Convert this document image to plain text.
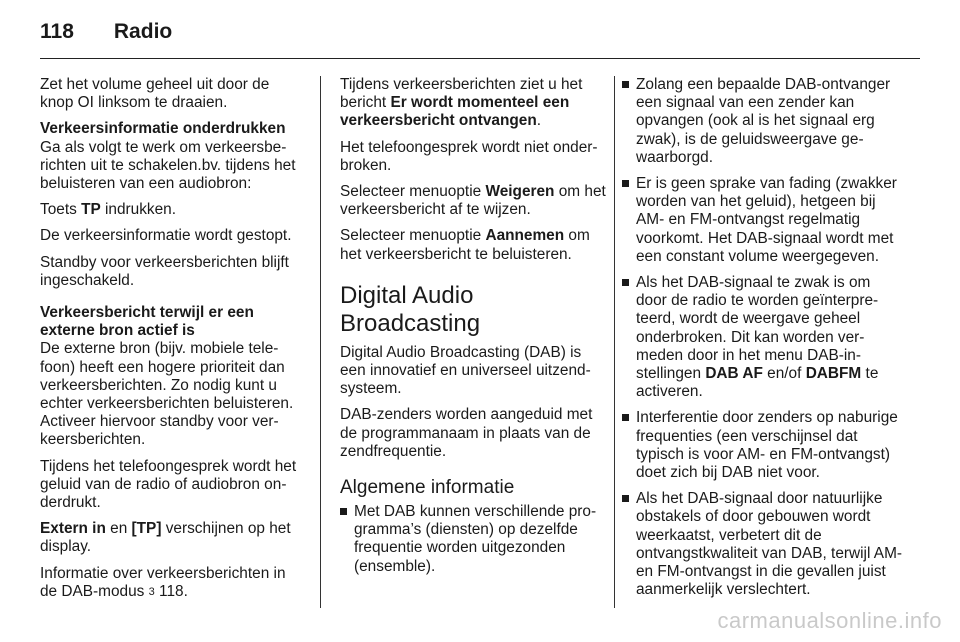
118 Radio

Zet het volume geheel uit door de knop OI linksom te draaien.

Verkeersinformatie onderdrukken

Ga als volgt te werk om verkeersberichten uit te schakelen.bv. tijdens het beluisteren van een audiobron:

Toets TP indrukken.

De verkeersinformatie wordt gestopt.

Standby voor verkeersberichten blijft ingeschakeld.

Verkeersbericht terwijl er een externe bron actief is

De externe bron (bijv. mobiele telefoon) heeft een hogere prioriteit dan verkeersberichten. Zo nodig kunt u echter verkeersberichten beluisteren. Activeer hiervoor standby voor verkeersberichten.

Tijdens het telefoongesprek wordt het geluid van de radio of audiobron onderdrukt.

Extern in en [TP] verschijnen op het display.

Informatie over verkeersberichten in de DAB-modus 3 118.

Tijdens verkeersberichten ziet u het bericht Er wordt momenteel een verkeersbericht ontvangen.

Het telefoongesprek wordt niet onderbroken.

Selecteer menuoptie Weigeren om het verkeersbericht af te wijzen.

Selecteer menuoptie Aannemen om het verkeersbericht te beluisteren.

Digital Audio Broadcasting

Digital Audio Broadcasting (DAB) is een innovatief en universeel uitzendsysteem.

DAB-zenders worden aangeduid met de programmanaam in plaats van de zendfrequentie.

Algemene informatie
Met DAB kunnen verschillende programma’s (diensten) op dezelfde frequentie worden uitgezonden (ensemble).
Zolang een bepaalde DAB-ontvanger een signaal van een zender kan opvangen (ook al is het signaal erg zwak), is de geluidsweergave gewaarborgd.
Er is geen sprake van fading (zwakker worden van het geluid), hetgeen bij AM- en FM-ontvangst regelmatig voorkomt. Het DAB-signaal wordt met een constant volume weergegeven.
Als het DAB-signaal te zwak is om door de radio te worden geïnterpreteerd, wordt de weergave geheel onderbroken. Dit kan worden vermeden door in het menu DAB-instellingen DAB AF en/of DABFM te activeren.
Interferentie door zenders op naburige frequenties (een verschijnsel dat typisch is voor AM- en FM-ontvangst) doet zich bij DAB niet voor.
Als het DAB-signaal door natuurlijke obstakels of door gebouwen wordt weerkaatst, verbetert dit de ontvangstkwaliteit van DAB, terwijl AM- en FM-ontvangst in die gevallen juist aanmerkelijk verslechtert.
carmanualsonline.info
